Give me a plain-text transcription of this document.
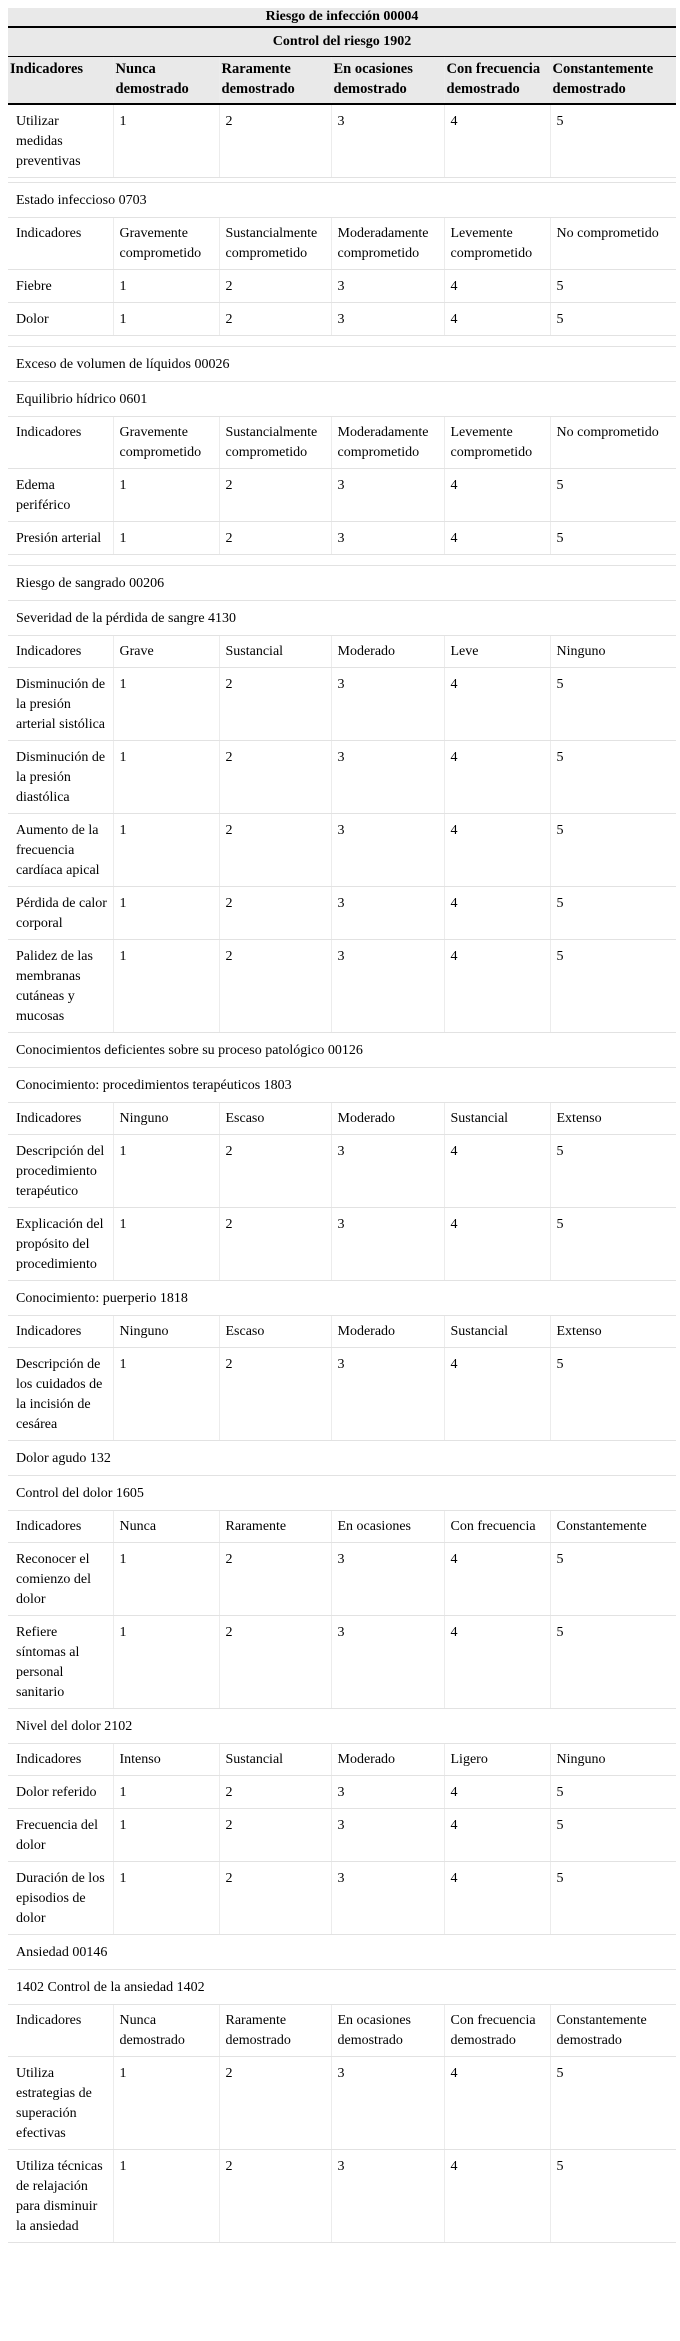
Riesgo de infección 00004					
Control del riesgo 1902					
Indicadores	Nunca demostrado	Raramente demostrado	En ocasiones demostrado	Con frecuencia demostrado	Constantemente demostrado
Utilizar medidas preventivas	1	2	3	4	5

Estado infeccioso 0703					
Indicadores	Gravemente comprometido	Sustancialmente comprometido	Moderadamente comprometido	Levemente comprometido	No comprometido
Fiebre	1	2	3	4	5
Dolor	1	2	3	4	5

Exceso de volumen de líquidos 00026					
Equilibrio hídrico 0601					
Indicadores	Gravemente comprometido	Sustancialmente comprometido	Moderadamente comprometido	Levemente comprometido	No comprometido
Edema periférico	1	2	3	4	5
Presión arterial	1	2	3	4	5

Riesgo de sangrado 00206					
Severidad de la pérdida de sangre 4130					
Indicadores	Grave	Sustancial	Moderado	Leve	Ninguno
Disminución de la presión arterial sistólica	1	2	3	4	5
Disminución de la presión diastólica	1	2	3	4	5
Aumento de la frecuencia cardíaca apical	1	2	3	4	5
Pérdida de calor corporal	1	2	3	4	5
Palidez de las membranas cutáneas y mucosas	1	2	3	4	5
Conocimientos deficientes sobre su proceso patológico 00126					
Conocimiento: procedimientos terapéuticos 1803					
Indicadores	Ninguno	Escaso	Moderado	Sustancial	Extenso
Descripción del procedimiento terapéutico	1	2	3	4	5
Explicación del propósito del procedimiento	1	2	3	4	5
Conocimiento: puerperio 1818					
Indicadores	Ninguno	Escaso	Moderado	Sustancial	Extenso
Descripción de los cuidados de la incisión de cesárea	1	2	3	4	5
Dolor agudo 132					
Control del dolor 1605					
Indicadores	Nunca	Raramente	En ocasiones	Con frecuencia	Constantemente
Reconocer el comienzo del dolor	1	2	3	4	5
Refiere síntomas al personal sanitario	1	2	3	4	5
Nivel del dolor 2102					
Indicadores	Intenso	Sustancial	Moderado	Ligero	Ninguno
Dolor referido	1	2	3	4	5
Frecuencia del dolor	1	2	3	4	5
Duración de los episodios de dolor	1	2	3	4	5
Ansiedad 00146					
1402 Control de la ansiedad 1402					
Indicadores	Nunca demostrado	Raramente demostrado	En ocasiones demostrado	Con frecuencia demostrado	Constantemente demostrado
Utiliza estrategias de superación efectivas	1	2	3	4	5
Utiliza técnicas de relajación para disminuir la ansiedad	1	2	3	4	5
